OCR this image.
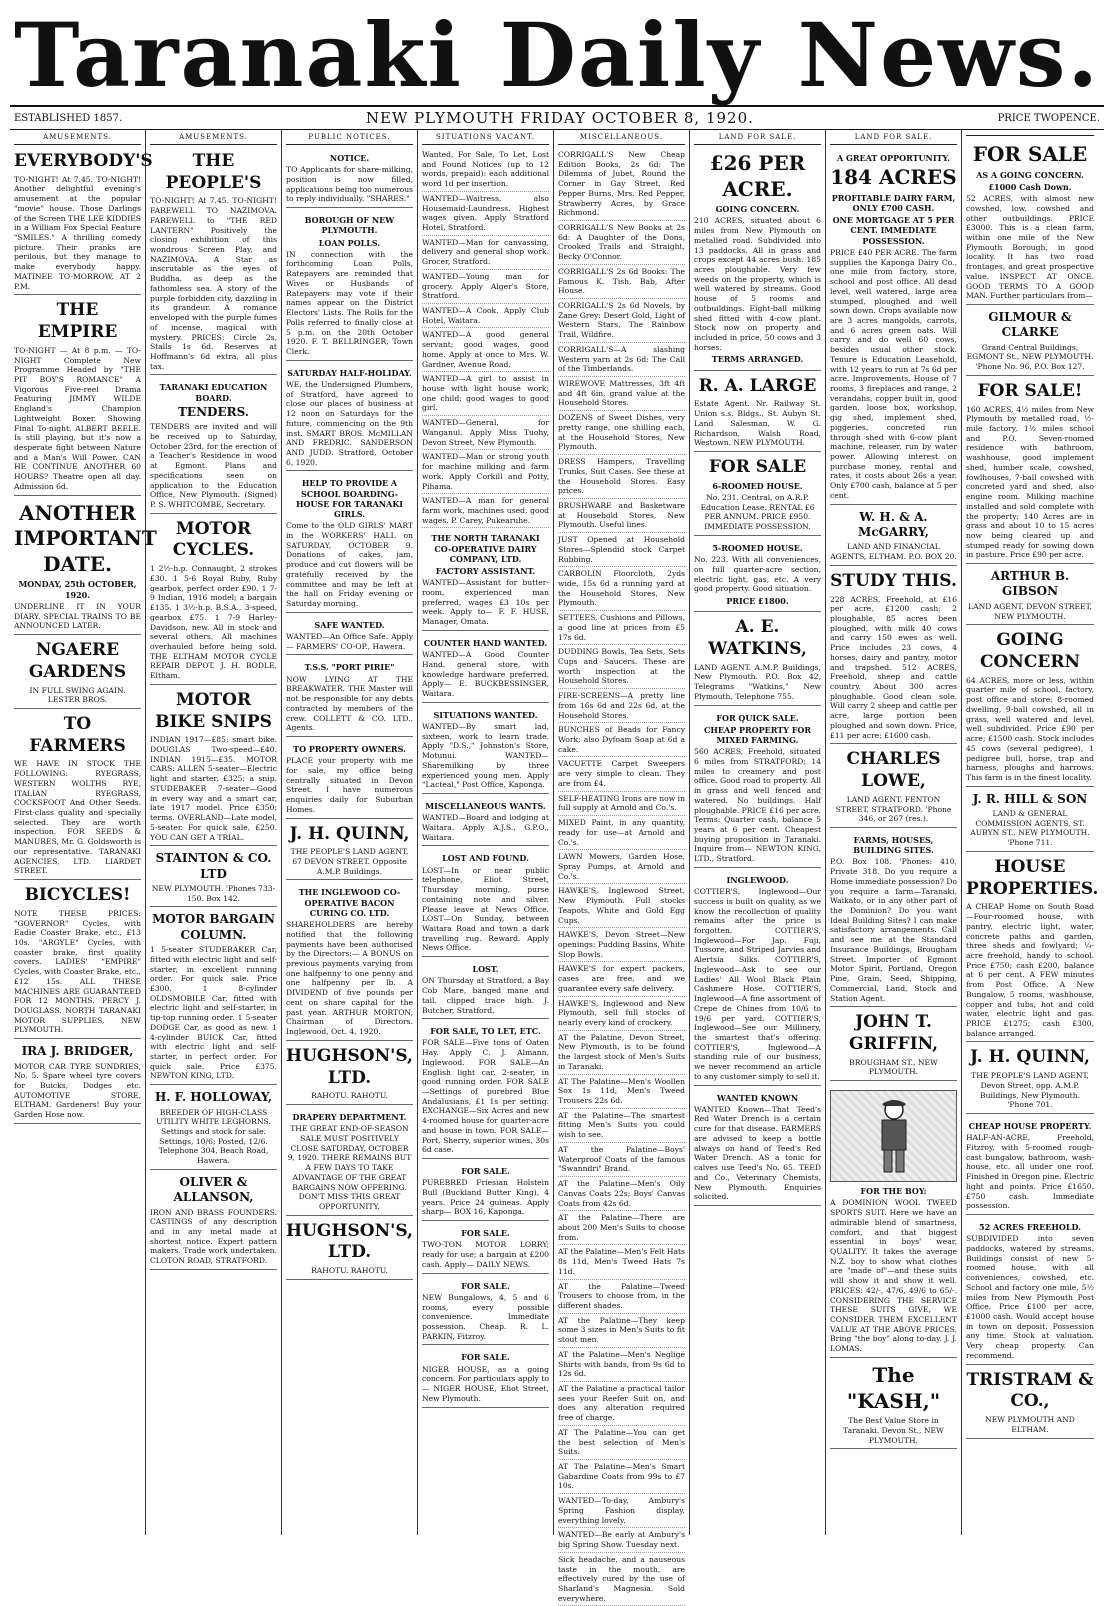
Taranaki Daily News.
ESTABLISHED 1857.	NEW PLYMOUTH FRIDAY OCTOBER 8, 1920.	PRICE TWOPENCE.
AMUSEMENTS.
EVERYBODY'S
TO-NIGHT! At 7.45. TO-NIGHT! Another delightful evening's amusement at the popular "movie" house. Those Darlings of the Screen THE LEE KIDDIES in a William Fox Special Feature "SMILES." A thrilling comedy picture. Their pranks are perilous, but they manage to make everybody happy. MATINEE TO-MORROW, AT 2 P.M.
THE EMPIRE
TO-NIGHT — At 8 p.m. — TO-NIGHT Complete New Programme Headed by "THE PIT BOY'S ROMANCE" A Vigorous Five-reel Drama Featuring JIMMY WILDE England's Champion Lightweight Boxer. Showing Final To-night. ALBERT BEELE. Is still playing, but it's now a desperate fight between Nature and a Man's Will Power. CAN HE CONTINUE ANOTHER 60 HOURS? Theatre open all day. Admission 6d.
ANOTHER IMPORTANT DATE.
MONDAY, 25th OCTOBER, 1920.
UNDERLINE IT IN YOUR DIARY. SPECIAL TRAINS TO BE ANNOUNCED LATER.
NGAERE GARDENS
IN FULL SWING AGAIN. LESTER BROS.
TO FARMERS
WE HAVE IN STOCK THE FOLLOWING: RYEGRASS, WESTERN WOLTHS RYE, ITALIAN RYEGRASS, COCKSFOOT And Other Seeds. First-class quality and specially selected. They are worth inspection. FOR SEEDS & MANURES, Mr. G. Goldsworth is our representative. TARANAKI AGENCIES, LTD. LIARDET STREET.
BICYCLES!
NOTE THESE PRICES: "GOVERNOR" Cycles, with Eadie Coaster Brake, etc., £13 10s. "ARGYLE" Cycles, with coaster brake, first quality covers. LADIES' "EMPIRE" Cycles, with Coaster Brake, etc., £12 15s. ALL THESE MACHINES ARE GUARANTEED FOR 12 MONTHS. PERCY J. DOUGLASS. NORTH TARANAKI MOTOR SUPPLIES, NEW PLYMOUTH.
IRA J. BRIDGER,
MOTOR CAR TYRE SUNDRIES, No. 5. Spare wheel tyre covers for Buicks, Dodges etc. AUTOMOTIVE STORE, ELTHAM. Gardeners! Buy your Garden Hose now.
AMUSEMENTS.
THE PEOPLE'S
TO-NIGHT! At 7.45. TO-NIGHT! FAREWELL TO NAZIMOVA. FAREWELL to "THE RED LANTERN" Positively the closing exhibition of this wondrous Screen Play, and NAZIMOVA. A Star as inscrutable as the eyes of Buddha, as deep as the fathomless sea. A story of the purple forbidden city, dazzling in its grandeur. A romance enveloped with the purple fumes of incense, magical with mystery. PRICES: Circle 2s, Stalls 1s 6d. Reserves at Hoffmann's 6d extra, all plus tax.
TARANAKI EDUCATION BOARD.
TENDERS.
TENDERS are invited and will be received up to Saturday, October 23rd, for the erection of a Teacher's Residence in wood at Egmont. Plans and specifications seen on application to the Education Office, New Plymouth. (Signed) P. S. WHITCOMBE, Secretary.
MOTOR CYCLES.
1 2½-h.p. Connaught, 2 strokes £30. 1 5-6 Royal Ruby, Ruby gearbox, perfect order £90. 1 7-9 Indian, 1916 model; a bargain £135. 1 3½-h.p. B.S.A., 3-speed, gearbox £75. 1 7-9 Harley-Davidson, new. All in stock and several others. All machines overhauled before being sold. THE ELTHAM MOTOR CYCLE REPAIR DEPOT. J. H. BODLE, Eltham.
MOTOR BIKE SNIPS
INDIAN 1917—£85; smart bike. DOUGLAS Two-speed—£40. INDIAN 1915—£35. MOTOR CARS: ALLEN 5-seater—Electric light and starter, £325; a snip. STUDEBAKER 7-seater—Good in every way and a smart car, late 1917 model. Price £350; terms. OVERLAND—Late model, 5-seater. For quick sale, £250. YOU CAN GET A TRIAL.
STAINTON & CO. LTD
NEW PLYMOUTH. 'Phones 733-150. Box 142.
MOTOR BARGAIN COLUMN.
1 5-seater STUDEBAKER Car, fitted with electric light and self-starter, in excellent running order. For quick sale. Price £300. 1 8-cylinder OLDSMOBILE Car, fitted with electric light and self-starter, in tip-top running order. 1 5-seater DODGE Car, as good as new. 1 4-cylinder BUICK Car, fitted with electric light and self-starter, in perfect order. For quick sale. Price £375. NEWTON KING, LTD.
H. F. HOLLOWAY,
BREEDER OF HIGH-CLASS UTILITY WHITE LEGHORNS. Settings and stock for sale. Settings, 10/6; Posted, 12/6. Telephone 304, Beach Road, Hawera.
OLIVER & ALLANSON,
IRON AND BRASS FOUNDERS. CASTINGS of any description and in any metal made at shortest notice. Expert pattern makers. Trade work undertaken. CLOTON ROAD, STRATFORD.
PUBLIC NOTICES.
NOTICE.
TO Applicants for share-milking, position is now filled, applications being too numerous to reply individually. "SHARES."
BOROUGH OF NEW PLYMOUTH.
LOAN POLLS.
IN connection with the forthcoming Loan Polls, Ratepayers are reminded that Wives or Husbands of Ratepayers may vote if their names appear on the District Electors' Lists. The Rolls for the Polls referred to finally close at 5 p.m. on the 20th October 1920. F. T. BELLRINGER, Town Clerk.
SATURDAY HALF-HOLIDAY.
WE, the Undersigned Plumbers, of Stratford, have agreed to close our places of business at 12 noon on Saturdays for the future, commencing on the 9th inst. SMART BROS. McMILLAN AND FREDRIC. SANDERSON AND JUDD. Stratford, October 6, 1920.
HELP TO PROVIDE A SCHOOL BOARDING-HOUSE FOR TARANAKI GIRLS.
Come to the OLD GIRLS' MART in the WORKERS' HALL on SATURDAY, OCTOBER 9. Donations of cakes, jam, produce and cut flowers will be gratefully received by the committee and may be left at the hall on Friday evening or Saturday morning.
SAFE WANTED.
WANTED—An Office Safe. Apply— FARMERS' CO-OP., Hawera.
T.S.S. "PORT PIRIE"
NOW LYING AT THE BREAKWATER. THE Master will not be responsible for any debts contracted by members of the crew. COLLETT & CO. LTD., Agents.
TO PROPERTY OWNERS.
PLACE your property with me for sale, my office being centrally situated in Devon Street. I have numerous enquiries daily for Suburban Homes.
J. H. QUINN,
THE PEOPLE'S LAND AGENT, 67 DEVON STREET. Opposite A.M.P. Buildings.
THE INGLEWOOD CO-OPERATIVE BACON CURING CO. LTD.
SHAREHOLDERS are hereby notified that the following payments have been authorised by the Directors:— A BONUS on previous payments varying from one halfpenny to one penny and one halfpenny per lb. A DIVIDEND of five pounds per cent on share capital for the past year. ARTHUR MORTON, Chairman of Directors. Inglewood, Oct. 4, 1920.
HUGHSON'S, LTD.
RAHOTU. RAHOTU.
DRAPERY DEPARTMENT.
THE GREAT END-OF-SEASON SALE MUST POSITIVELY CLOSE SATURDAY, OCTOBER 9, 1920. THERE REMAINS BUT A FEW DAYS TO TAKE ADVANTAGE OF THE GREAT BARGAINS NOW OFFERING. DON'T MISS THIS GREAT OPPORTUNITY.
HUGHSON'S, LTD.
RAHOTU. RAHOTU.
SITUATIONS VACANT.
Wanted, For Sale, To Let, Lost and Found Notices (up to 12 words, prepaid): each additional word 1d per insertion.
WANTED—Waitress, also Housemaid-Laundress. Highest wages given. Apply Stratford Hotel, Stratford.
WANTED—Man for canvassing, delivery and general shop work. Grocer, Stratford.
WANTED—Young man for grocery. Apply Alger's Store, Stratford.
WANTED—A Cook. Apply Club Hotel, Waitara.
WANTED—A good general servant; good wages, good home. Apply at once to Mrs. W. Gardner, Avenue Road.
WANTED—A girl to assist in house with light house work; one child; good wages to good girl.
WANTED—General, for Wanganui. Apply Miss Tuohy, Devon Street, New Plymouth.
WANTED—Man or strong youth for machine milking and farm work. Apply Corkill and Potty, Pihama.
WANTED—A man for general farm work, machines used, good wages. P. Carey, Pukearuhe.
THE NORTH TARANAKI CO-OPERATIVE DAIRY COMPANY, LTD.
FACTORY ASSISTANT.
WANTED—Assistant for butter-room, experienced man preferred, wages £3 10s per week. Apply to— F. F. HUSE, Manager, Omata.
COUNTER HAND WANTED.
WANTED—A Good Counter Hand, general store, with knowledge hardware preferred. Apply— E. BUCKBESSINGER, Waitara.
SITUATIONS WANTED.
WANTED—By smart lad, sixteen, work to learn trade. Apply "D.S.," Johnston's Store, Motunui. WANTED—Sharemilking by three experienced young men. Apply "Lacteal," Post Office, Kaponga.
MISCELLANEOUS WANTS.
WANTED—Board and lodging at Waitara. Apply A.J.S., G.P.O., Waitara.
LOST AND FOUND.
LOST—In or near public telephone, Eliot Street, Thursday morning, purse containing note and silver. Please leave at News Office. LOST—On Sunday, between Waitara Road and town a dark travelling rug. Reward. Apply News Office.
LOST.
ON Thursday at Stratford, a Bay Cob Mare, banged mane and tail, clipped trace high. J. Butcher, Stratford.
FOR SALE, TO LET, ETC.
FOR SALE—Five tons of Oaten Hay. Apply C. J. Almann, Inglewood. FOR SALE—An English light car, 2-seater, in good running order. FOR SALE—Settings of purebred Blue Andalusians, £1 1s per setting. EXCHANGE—Six Acres and new 4-roomed house for quarter-acre and house in town. FOR SALE—Port, Sherry, superior wines, 30s 6d case.
FOR SALE.
PUREBRED Friesian Holstein Bull (Buckland Butter King), 4 years. Price 24 guineas. Apply sharp— BOX 16, Kaponga.
FOR SALE.
TWO-TON MOTOR LORRY; ready for use; a bargain at £200 cash. Apply— DAILY NEWS.
FOR SALE.
NEW Bungalows, 4, 5 and 6 rooms, every possible convenience. Immediate possession. Cheap. R. L. PARKIN, Fitzroy.
FOR SALE.
NIGER HOUSE, as a going concern. For particulars apply to— NIGER HOUSE, Eliot Street, New Plymouth.
MISCELLANEOUS.
CORRIGALL'S New Cheap Edition Books, 2s 6d: The Dilemma of Jubet, Round the Corner in Gay Street, Red Pepper Burns, Mrs. Red Pepper, Strawberry Acres, by Grace Richmond.
CORRIGALL'S New Books at 2s 6d: A Daughter of the Dons, Crooked Trails and Straight, Becky O'Connor.
CORRIGALL'S 2s 6d Books: The Famous K. Tish, Bab, After House.
CORRIGALL'S 2s 6d Novels, by Zane Grey: Desert Gold, Light of Western Stars, The Rainbow Trail, Wildfire.
CORRIGALL'S—A slashing Western yarn at 2s 6d: The Call of the Timberlands.
WIREWOVE Mattresses, 3ft 4ft and 4ft 6in, grand value at the Household Stores.
DOZENS of Sweet Dishes, very pretty range, one shilling each, at the Household Stores, New Plymouth.
DRESS Hampers, Travelling Trunks, Suit Cases. See these at the Household Stores. Easy prices.
BRUSHWARE and Basketware at Household Stores, New Plymouth. Useful lines.
JUST Opened at Household Stores—Splendid stock Carpet Rubbing.
CARBOLIN Floorcloth, 2yds wide, 15s 6d a running yard at the Household Stores, New Plymouth.
SETTEES, Cushions and Pillows, a good line at prices from £5 17s 6d.
DUDDING Bowls, Tea Sets, Sets Cups and Saucers. These are worth inspection at the Household Stores.
FIRE-SCREENS—A pretty line from 16s 6d and 22s 6d, at the Household Stores.
BUNCHES of Beads for Fancy Work; also Dyfoam Soap at 6d a cake.
VACUETTE Carpet Sweepers are very simple to clean. They are from £4.
SELF-HEATING Irons are now in full supply at Arnold and Co.'s.
MIXED Paint, in any quantity, ready for use—at Arnold and Co.'s.
LAWN Mowers, Garden Hose, Spray Pumps, at Arnold and Co.'s.
HAWKE'S, Inglewood Street, New Plymouth. Full stocks Teapots, White and Gold Egg Cups.
HAWKE'S, Devon Street—New openings: Pudding Basins, White Slop Bowls.
HAWKE'S for expert packers, cases are free, and we guarantee every safe delivery.
HAWKE'S, Inglewood and New Plymouth, sell full stocks of nearly every kind of crockery.
AT the Palatine, Devon Street, New Plymouth, is to be found the largest stock of Men's Suits in Taranaki.
AT The Palatine—Men's Woollen Sox 1s 11d, Men's Tweed Trousers 22s 6d.
AT the Palatine—The smartest fitting Men's Suits you could wish to see.
AT the Palatine—Boys' Waterproof Coats of the famous "Swanndri" Brand.
AT the Palatine—Men's Oily Canvas Coats 22s; Boys' Canvas Coats from 42s 6d.
AT the Palatine—There are about 200 Men's Suits to choose from.
AT the Palatine—Men's Felt Hats 8s 11d, Men's Tweed Hats 7s 11d.
AT the Palatine—Tweed Trousers to choose from, in the different shades.
AT the Palatine—They keep some 3 sizes in Men's Suits to fit stout men.
AT the Palatine—Men's Negligé Shirts with bands, from 9s 6d to 12s 6d.
AT the Palatine a practical tailor sees your Reefer Suit on, and does any alteration required free of charge.
AT The Palatine—You can get the best selection of Men's Suits.
AT The Palatine—Men's Smart Gabardine Coats from 99s to £7 10s.
WANTED—To-day, Ambury's Spring Fashion display, everything lovely.
WANTED—Be early at Ambury's big Spring Show. Tuesday next.
Sick headache, and a nauseous taste in the mouth, are effectively cured by the use of Sharland's Magnesia. Sold everywhere.
LAND FOR SALE.
£26 PER ACRE.
GOING CONCERN.
210 ACRES, situated about 6 miles from New Plymouth on metalled road. Subdivided into 13 paddocks. All in grass and crops except 44 acres bush. 185 acres ploughable. Very few weeds on the property, which is well watered by streams. Good house of 5 rooms and outbuildings. Eight-ball milking shed fitted with 4-cow plant. Stock now on property and included in price, 50 cows and 3 horses.
TERMS ARRANGED.
R. A. LARGE
Estate Agent. Nr. Railway St. Union s.s. Bldgs., St. Aubyn St. Land Salesman, W. G. Richardson, Walsh Road, Westown. NEW PLYMOUTH.
FOR SALE
6-ROOMED HOUSE.
No. 231. Central, on A.R.P. Education Lease. RENTAL £6 PER ANNUM. PRICE £950. IMMEDIATE POSSESSION.
5-ROOMED HOUSE.
No. 223. With all conveniences, on full quarter-acre section, electric light, gas, etc. A very good property. Good situation.
PRICE £1800.
A. E. WATKINS,
LAND AGENT. A.M.P. Buildings, New Plymouth. P.O. Box 42, Telegrams "Watkins," New Plymouth, Telephone 755.
FOR QUICK SALE.
CHEAP PROPERTY FOR MIXED FARMING.
560 ACRES, Freehold, situated 6 miles from STRATFORD; 14 miles to creamery and post office. Good road to property. All in grass and well fenced and watered. No buildings. Half ploughable. PRICE £16 per acre. Terms: Quarter cash, balance 5 years at 6 per cent. Cheapest buying proposition in Taranaki. Inquire from— NEWTON KING, LTD., Stratford.
INGLEWOOD.
COTTIER'S, Inglewood—Our success is built on quality, as we know the recollection of quality remains after the price is forgotten. COTTIER'S, Inglewood—For Jap. Fuji, Tussore, and Striped Jarvies and Alertsia Silks. COTTIER'S, Inglewood—Ask to see our Ladies' All Wool Black Plain Cashmere Hose. COTTIER'S, Inglewood—A fine assortment of Crepe de Chines from 10/6 to 19/6 per yard. COTTIER'S, Inglewood—See our Millinery, the smartest that's offering. COTTIER'S, Inglewood—A standing rule of our business, we never recommend an article to any customer simply to sell it.
WANTED KNOWN
WANTED Known—That Teed's Red Water Drench is a certain cure for that disease. FARMERS are advised to keep a bottle always on hand of Teed's Red Water Drench. AS a tonic for calves use Teed's No. 65. TEED and Co., Veterinary Chemists, New Plymouth. Enquiries solicited.
LAND FOR SALE.
A GREAT OPPORTUNITY.
184 ACRES
PROFITABLE DAIRY FARM, ONLY £700 CASH.
ONE MORTGAGE AT 5 PER CENT. IMMEDIATE POSSESSION.
PRICE £40 PER ACRE. The farm supplies the Kaponga Dairy Co., one mile from factory, store, school and post office. All dead level, well watered, large area stumped, ploughed and well sown down. Crops available now are 3 acres mangolds, carrots, and 6 acres green oats. Will carry and do well 60 cows, besides usual other stock. Tenure is Education Leasehold, with 12 years to run at 7s 6d per acre. Improvements. House of 7 rooms, 3 fireplaces and range, 2 verandahs, copper built in, good garden, loose box, workshop, gig shed, implement shed, piggeries, concreted run through shed with 6-cow plant machine, releaser, run by water power. Allowing interest on purchase money, rental and rates, it costs about 26s a year. Only £700 cash, balance at 5 per cent.
W. H. & A. McGARRY,
LAND AND FINANCIAL AGENTS, ELTHAM. P.O. BOX 20.
STUDY THIS.
228 ACRES, Freehold, at £16 per acre, £1200 cash; 2 ploughable, 85 acres been ploughed, with milk 40 cows and carry 150 ewes as well. Price includes 23 cows, 4 horses, dairy and pantry, motor and trapshed. 512 ACRES, Freehold, sheep and cattle country. About 300 acres ploughable. Good clean sole. Will carry 2 sheep and cattle per acre, large portion been ploughed and sown down. Price, £11 per acre; £1600 cash.
CHARLES LOWE,
LAND AGENT, FENTON STREET, STRATFORD. 'Phone 346, or 267 (res.).
FARMS, HOUSES, BUILDING SITES.
P.O. Box 108. 'Phones: 410, Private 318. Do you require a Home immediate possession? Do you require a farm—Taranaki, Waikato, or in any other part of the Dominion? Do you want Ideal Building Sites? I can make satisfactory arrangements. Call and see me at the Standard Insurance Buildings, Brougham Street. Importer of Egmont Motor Spirit, Portland, Oregon Pine, Grain, Seed, Shipping, Commercial, Land, Stock and Station Agent.
JOHN T. GRIFFIN,
BROUGHAM ST., NEW PLYMOUTH.
FOR THE BOY:
A DOMINION WOOL TWEED SPORTS SUIT. Here we have an admirable blend of smartness, comfort, and that biggest essential in boys' wear, QUALITY. It takes the average N.Z. boy to show what clothes are "made of"—and these suits will show it and show it well. PRICES: 42/-, 47/6, 49/6 to 65/-. CONSIDERING THE SERVICE THESE SUITS GIVE, WE CONSIDER THEM EXCELLENT VALUE AT THE ABOVE PRICES. Bring "the boy" along to-day. J. J. LOMAS.
The "KASH,"
The Best Value Store in Taranaki. Devon St., NEW PLYMOUTH.
FOR SALE
AS A GOING CONCERN.
£1000 Cash Down.
52 ACRES, with almost new cowshed, low, cowshed and other outbuildings. PRICE £3000. This is a clean farm, within one mile of the New Plymouth Borough, in good locality. It has two road frontages, and great prospective value. INSPECT AT ONCE. GOOD TERMS TO A GOOD MAN. Further particulars from—
GILMOUR & CLARKE
Grand Central Buildings, EGMONT St., NEW PLYMOUTH. 'Phone No. 96. P.O. Box 127.
FOR SALE!
160 ACRES, 4½ miles from New Plymouth by metalled road, ½-mile factory, 1½ miles school and P.O. Seven-roomed residence with bathroom, washhouse, good implement shed, humber scale, cowshed, fowlhouses, 7-ball cowshed with concreted yard and shed, also engine room. Milking machine installed and sold complete with the property; 140 Acres are in grass and about 10 to 15 acres now being cleared up and stumped ready for sowing down in pasture. Price £90 per acre.
ARTHUR B. GIBSON
LAND AGENT, DEVON STREET, NEW PLYMOUTH.
GOING CONCERN
64 ACRES, more or less, within quarter mile of school, factory, post office and store; 8-roomed dwelling, 9-ball cowshed, all in grass, well watered and level, well subdivided. Price £90 per acre; £1500 cash. Stock includes 45 cows (several pedigree), 1 pedigree bull, horse, trap and harness, ploughs and harrows. This farm is in the finest locality.
J. R. HILL & SON
LAND & GENERAL COMMISSION AGENTS, ST. AUBYN ST., NEW PLYMOUTH. 'Phone 711.
HOUSE PROPERTIES.
A CHEAP Home on South Road—Four-roomed house, with pantry, electric light, water, concrete paths and garden, three sheds and fowlyard; ¼-acre freehold, handy to school. Price £750; cash £200, balance at 6 per cent. A FEW minutes from Post Office. A New Bungalow, 5 rooms, washhouse, copper and tubs, hot and cold water, electric light and gas. PRICE £1275; cash £300, balance arranged.
J. H. QUINN,
THE PEOPLE'S LAND AGENT, Devon Street, opp. A.M.P. Buildings, New Plymouth. 'Phone 701.
CHEAP HOUSE PROPERTY.
HALF-AN-ACRE, Freehold, Fitzroy, with 5-roomed rough-cast bungalow, bathroom, wash-house, etc. all under one roof. Finished in Oregon pine. Electric light and points. Price £1650. £750 cash. Immediate possession.
52 ACRES FREEHOLD.
SUBDIVIDED into seven paddocks, watered by streams. Buildings consist of new 5-roomed house, with all conveniences, cowshed, etc. School and factory one mile, 5½ miles from New Plymouth Post Office. Price £100 per acre, £1000 cash. Would accept house in town on deposit. Possession any time. Stock at valuation. Very cheap property. Can recommend.
TRISTRAM & CO.,
NEW PLYMOUTH AND ELTHAM.
